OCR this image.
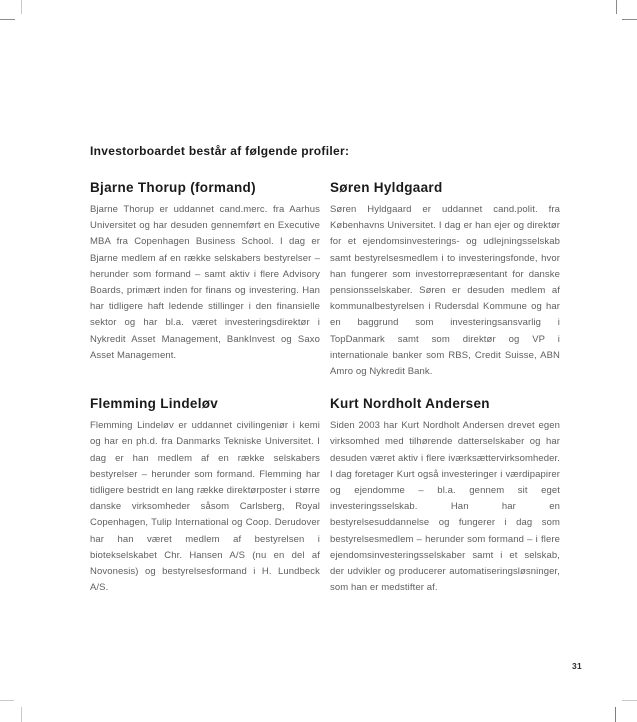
Investorboardet består af følgende profiler:
Bjarne Thorup (formand)

Bjarne Thorup er uddannet cand.merc. fra Aarhus Universitet og har desuden gennemført en Executive MBA fra Copenhagen Business School. I dag er Bjarne medlem af en række selskabers bestyrelser – herunder som formand – samt aktiv i flere Advisory Boards, primært inden for finans og investering. Han har tidligere haft ledende stillinger i den finansielle sektor og har bl.a. været investeringsdirektør i Nykredit Asset Management, BankInvest og Saxo Asset Management.

Søren Hyldgaard

Søren Hyldgaard er uddannet cand.polit. fra Københavns Universitet. I dag er han ejer og direktør for et ejendomsinvesterings- og udlejningsselskab samt bestyrelsesmedlem i to investeringsfonde, hvor han fungerer som investorrepræsentant for danske pensionsselskaber. Søren er desuden medlem af kommunalbestyrelsen i Rudersdal Kommune og har en baggrund som investeringsansvarlig i TopDanmark samt som direktør og VP i internationale banker som RBS, Credit Suisse, ABN Amro og Nykredit Bank.

Flemming Lindeløv

Flemming Lindeløv er uddannet civilingeniør i kemi og har en ph.d. fra Danmarks Tekniske Universitet. I dag er han medlem af en række selskabers bestyrelser – herunder som formand. Flemming har tidligere bestridt en lang række direktørposter i større danske virksomheder såsom Carlsberg, Royal Copenhagen, Tulip International og Coop. Derudover har han været medlem af bestyrelsen i biotekselskabet Chr. Hansen A/S (nu en del af Novonesis) og bestyrelsesformand i H. Lundbeck A/S.

Kurt Nordholt Andersen

Siden 2003 har Kurt Nordholt Andersen drevet egen virksomhed med tilhørende datterselskaber og har desuden været aktiv i flere iværksættervirksomheder. I dag foretager Kurt også investeringer i værdipapirer og ejendomme – bl.a. gennem sit eget investeringsselskab. Han har en bestyrelsesuddannelse og fungerer i dag som bestyrelsesmedlem – herunder som formand – i flere ejendomsinvesteringsselskaber samt i et selskab, der udvikler og producerer automatiseringsløsninger, som han er medstifter af.

31
